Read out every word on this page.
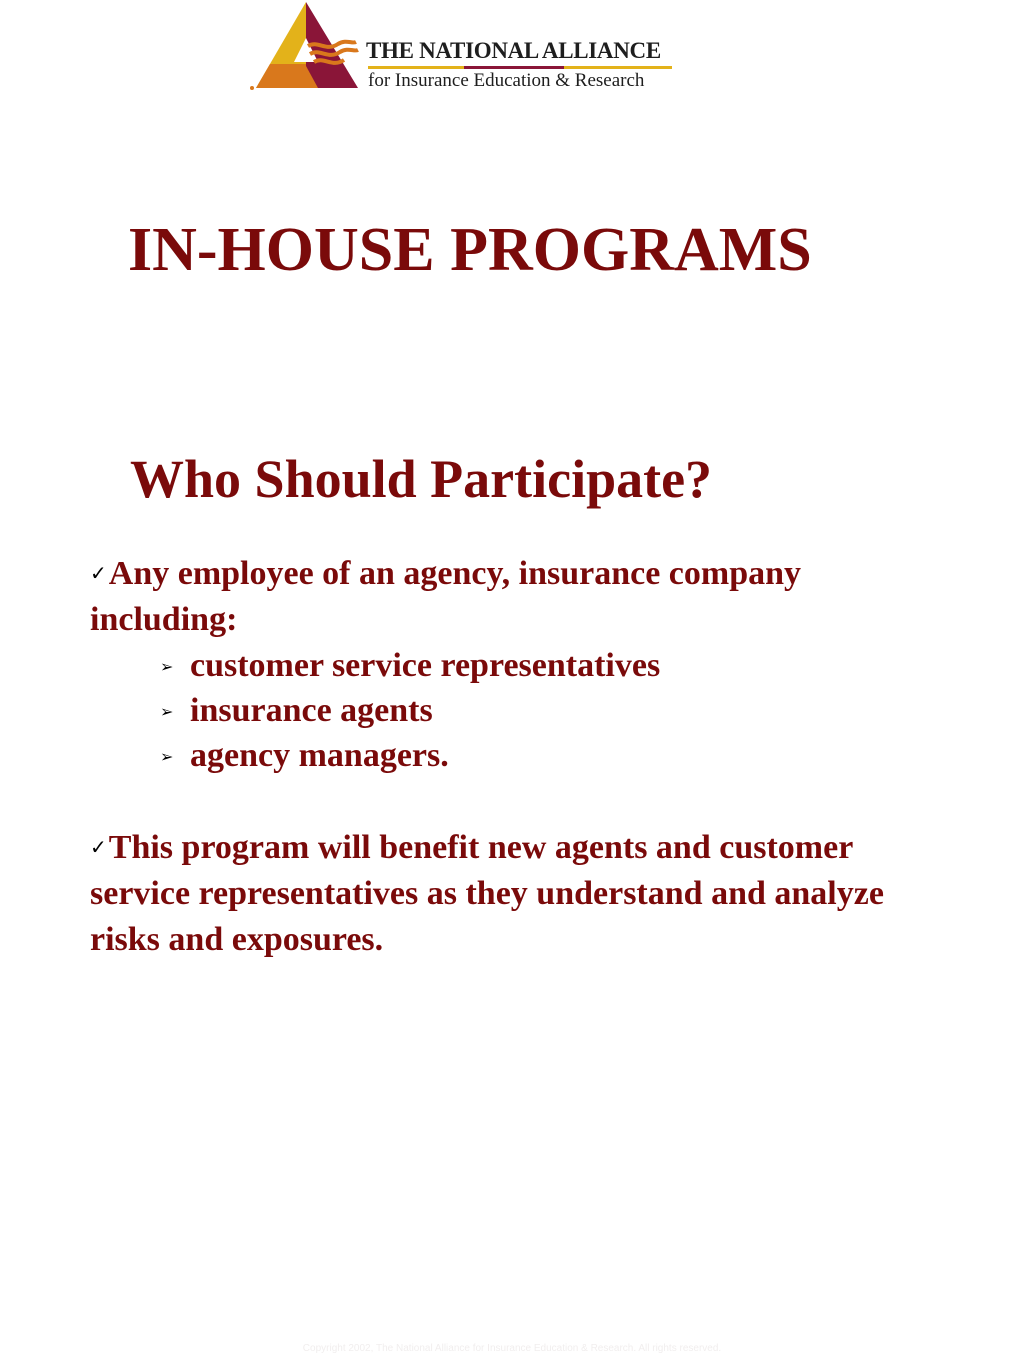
THE NATIONAL ALLIANCE
for Insurance Education & Research
IN-HOUSE PROGRAMS
Who Should Participate?

✓Any employee of an agency, insurance company including:

➢ customer service representatives
➢ insurance agents
➢ agency managers.

✓This program will benefit new agents and customer service representatives as they understand and analyze risks and exposures.

Copyright 2002, The National Alliance for Insurance Education & Research. All rights reserved.
